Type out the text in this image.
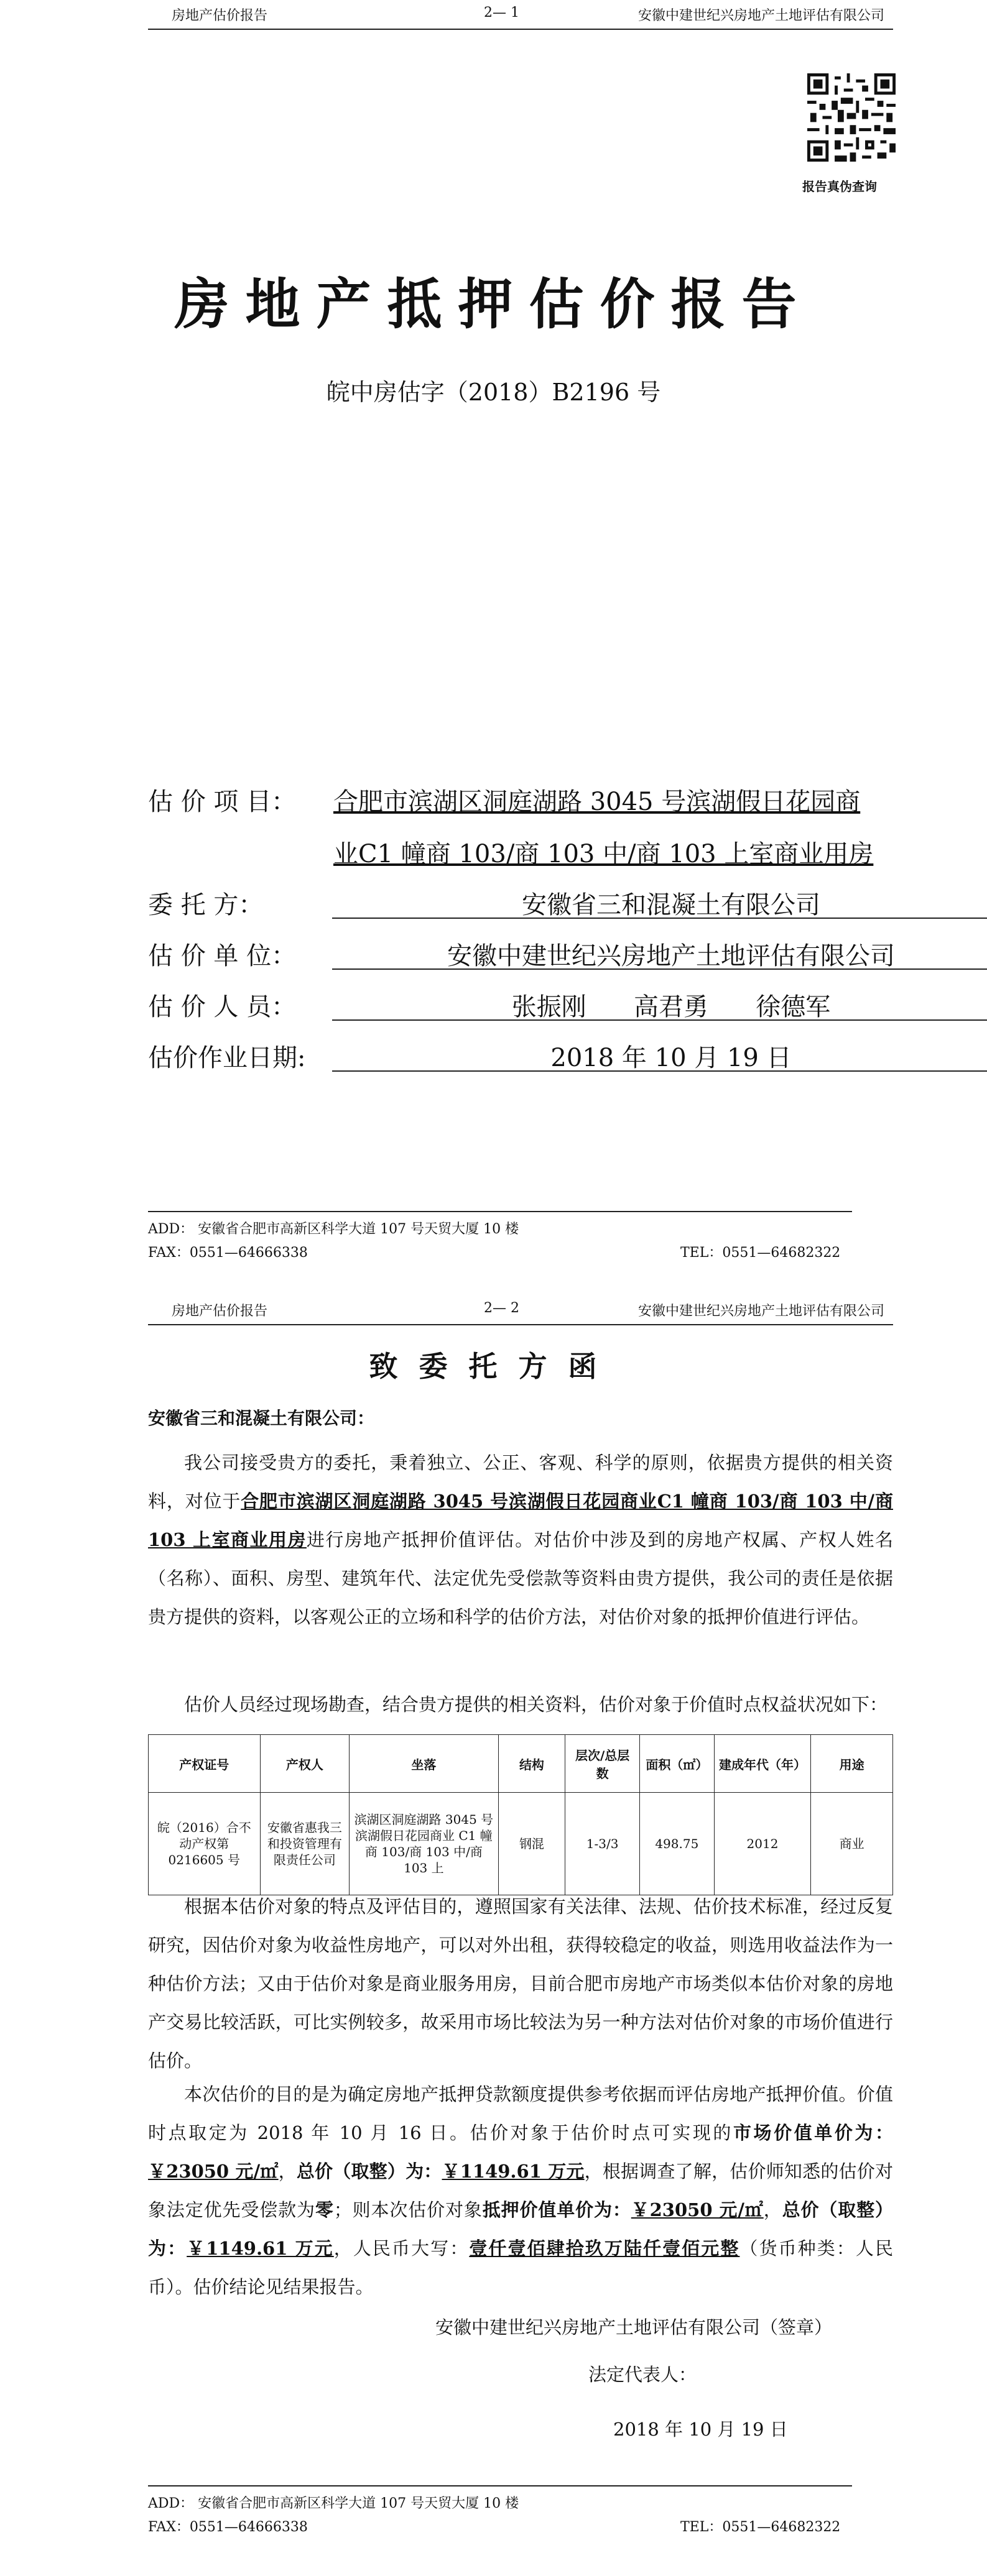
房地产估价报告	2— 1	安徽中建世纪兴房地产土地评估有限公司
报告真伪查询
房地产抵押估价报告
皖中房估字（2018）B2196 号
估 价 项 目： 合肥市滨湖区洞庭湖路 3045 号滨湖假日花园商
业C1 幢商 103/商 103 中/商 103 上室商业用房
委 托 方：	安徽省三和混凝土有限公司
估 价 单 位：	安徽中建世纪兴房地产土地评估有限公司
估 价 人 员：	张振刚      高君勇      徐德军
估价作业日期:	2018 年 10 月 19 日
ADD： 安徽省合肥市高新区科学大道 107 号天贸大厦 10 楼
FAX：0551—64666338	TEL：0551—64682322
房地产估价报告	2— 2	安徽中建世纪兴房地产土地评估有限公司
致委托方函
安徽省三和混凝土有限公司：
我公司接受贵方的委托，秉着独立、公正、客观、科学的原则，依据贵方提供的相关资料，对位于合肥市滨湖区洞庭湖路 3045 号滨湖假日花园商业C1 幢商 103/商 103 中/商 103 上室商业用房进行房地产抵押价值评估。对估价中涉及到的房地产权属、产权人姓名（名称）、面积、房型、建筑年代、法定优先受偿款等资料由贵方提供，我公司的责任是依据贵方提供的资料，以客观公正的立场和科学的估价方法，对估价对象的抵押价值进行评估。
估价人员经过现场勘查，结合贵方提供的相关资料，估价对象于价值时点权益状况如下：
产权证号	产权人	坐落	结构	层次/总层数	面积（㎡）	建成年代（年）	用途
皖（2016）合不动产权第 0216605 号	安徽省惠我三和投资管理有限责任公司	滨湖区洞庭湖路 3045 号滨湖假日花园商业 C1 幢商 103/商 103 中/商 103 上	钢混	1-3/3	498.75	2012	商业
根据本估价对象的特点及评估目的，遵照国家有关法律、法规、估价技术标准，经过反复研究，因估价对象为收益性房地产，可以对外出租，获得较稳定的收益，则选用收益法作为一种估价方法；又由于估价对象是商业服务用房，目前合肥市房地产市场类似本估价对象的房地产交易比较活跃，可比实例较多，故采用市场比较法为另一种方法对估价对象的市场价值进行估价。
本次估价的目的是为确定房地产抵押贷款额度提供参考依据而评估房地产抵押价值。价值时点取定为 2018 年 10 月 16 日。估价对象于估价时点可实现的市场价值单价为：￥23050 元/㎡，总价（取整）为：￥1149.61 万元，根据调查了解，估价师知悉的估价对象法定优先受偿款为零；则本次估价对象抵押价值单价为：￥23050 元/㎡，总价（取整）为：￥1149.61 万元，人民币大写：壹仟壹佰肆拾玖万陆仟壹佰元整（货币种类：人民币）。估价结论见结果报告。
安徽中建世纪兴房地产土地评估有限公司（签章）
法定代表人：
2018 年 10 月 19 日
ADD： 安徽省合肥市高新区科学大道 107 号天贸大厦 10 楼
FAX：0551—64666338	TEL：0551—64682322
